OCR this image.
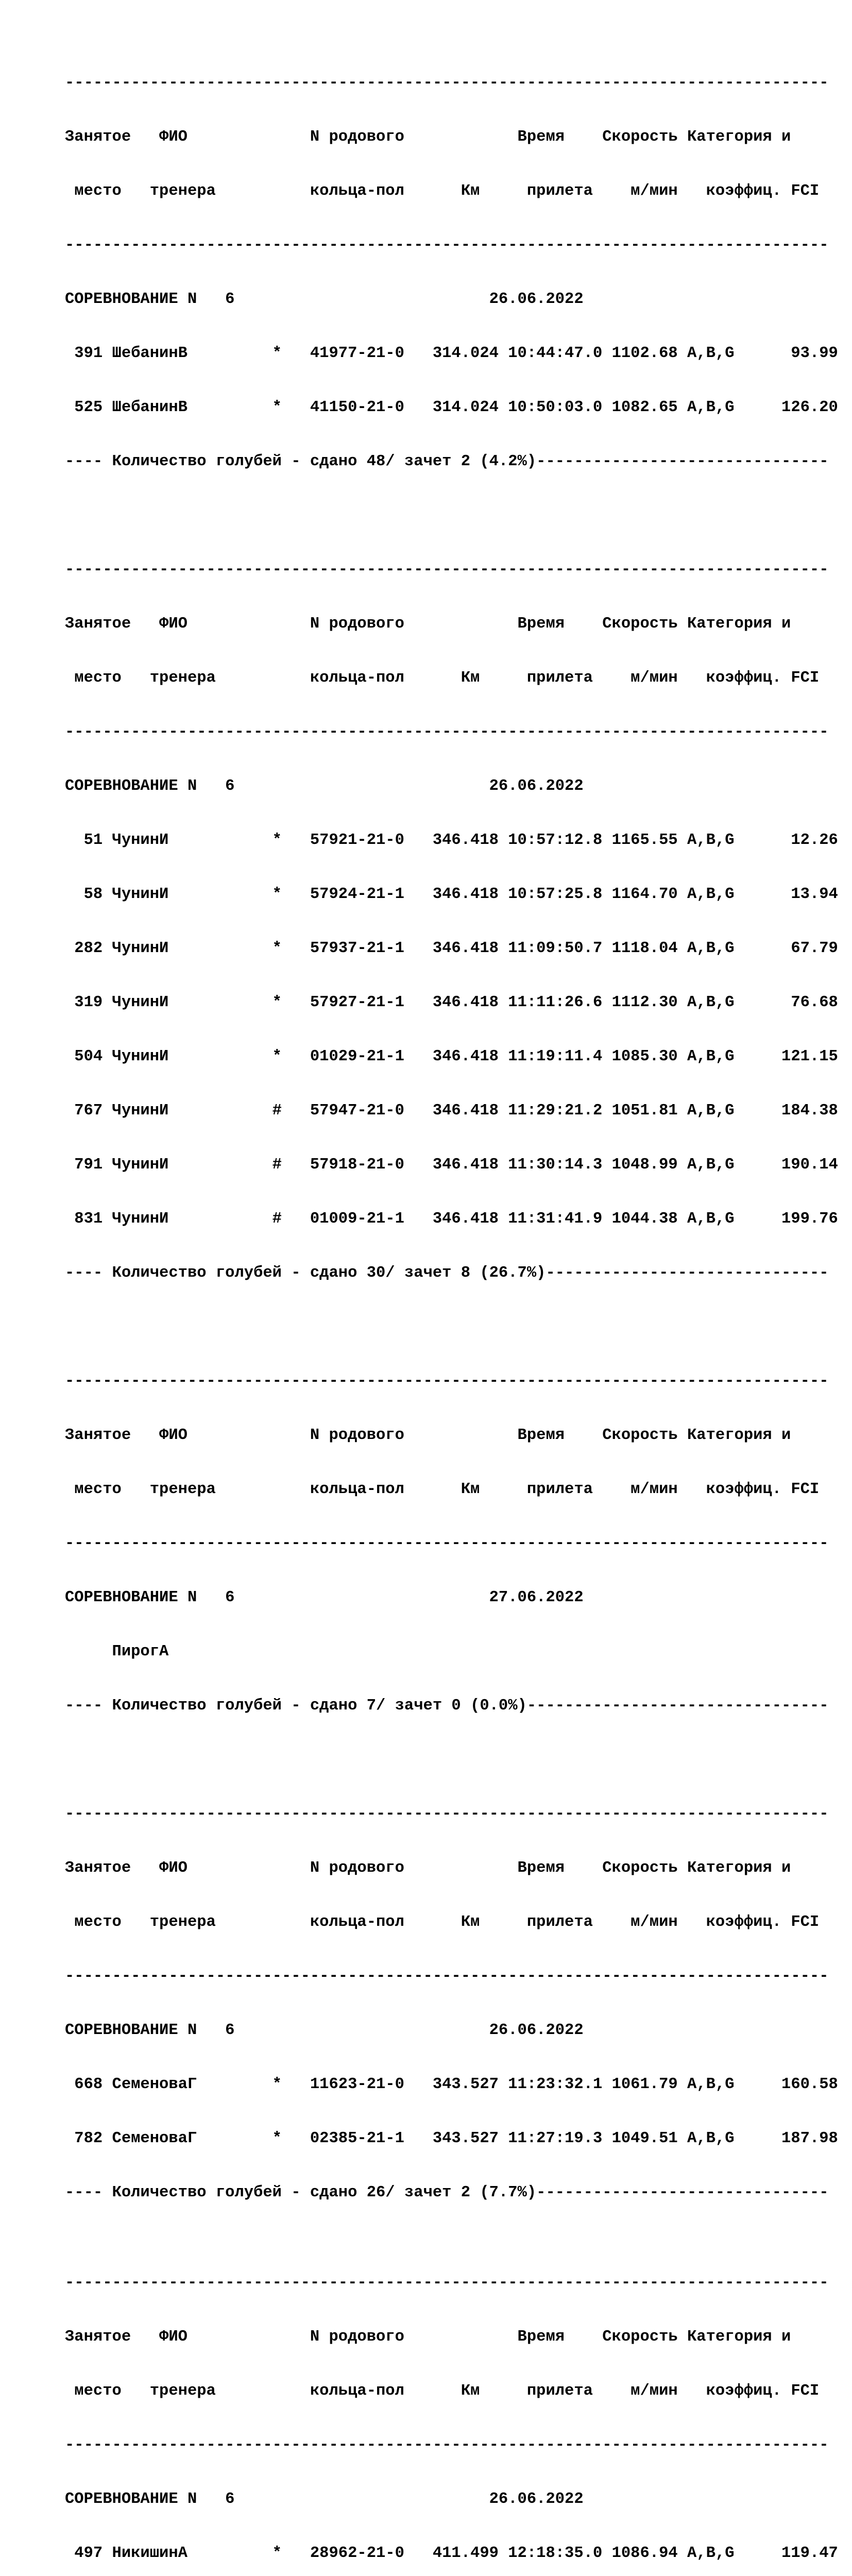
---------------------------------------------------------------------------------

Занятое   ФИО             N родового            Время    Скорость Категория и

место   тренера          кольца-пол      Км     прилета    м/мин   коэффиц. FCI

---------------------------------------------------------------------------------

СОРЕВНОВАНИЕ N   6                           26.06.2022

391 ШебанинВ         *   41977-21-0   314.024 10:44:47.0 1102.68 A,B,G      93.99

525 ШебанинВ         *   41150-21-0   314.024 10:50:03.0 1082.65 A,B,G     126.20

---- Количество голубей - сдано 48/ зачет 2 (4.2%)-------------------------------

---------------------------------------------------------------------------------

Занятое   ФИО             N родового            Время    Скорость Категория и

место   тренера          кольца-пол      Км     прилета    м/мин   коэффиц. FCI

---------------------------------------------------------------------------------

СОРЕВНОВАНИЕ N   6                           26.06.2022

51 ЧунинИ           *   57921-21-0   346.418 10:57:12.8 1165.55 A,B,G      12.26

58 ЧунинИ           *   57924-21-1   346.418 10:57:25.8 1164.70 A,B,G      13.94

282 ЧунинИ           *   57937-21-1   346.418 11:09:50.7 1118.04 A,B,G      67.79

319 ЧунинИ           *   57927-21-1   346.418 11:11:26.6 1112.30 A,B,G      76.68

504 ЧунинИ           *   01029-21-1   346.418 11:19:11.4 1085.30 A,B,G     121.15

767 ЧунинИ           #   57947-21-0   346.418 11:29:21.2 1051.81 A,B,G     184.38

791 ЧунинИ           #   57918-21-0   346.418 11:30:14.3 1048.99 A,B,G     190.14

831 ЧунинИ           #   01009-21-1   346.418 11:31:41.9 1044.38 A,B,G     199.76

---- Количество голубей - сдано 30/ зачет 8 (26.7%)------------------------------

---------------------------------------------------------------------------------

Занятое   ФИО             N родового            Время    Скорость Категория и

место   тренера          кольца-пол      Км     прилета    м/мин   коэффиц. FCI

---------------------------------------------------------------------------------

СОРЕВНОВАНИЕ N   6                           27.06.2022

ПирогА

---- Количество голубей - сдано 7/ зачет 0 (0.0%)--------------------------------

---------------------------------------------------------------------------------

Занятое   ФИО             N родового            Время    Скорость Категория и

место   тренера          кольца-пол      Км     прилета    м/мин   коэффиц. FCI

---------------------------------------------------------------------------------

СОРЕВНОВАНИЕ N   6                           26.06.2022

668 СеменоваГ        *   11623-21-0   343.527 11:23:32.1 1061.79 A,B,G     160.58

782 СеменоваГ        *   02385-21-1   343.527 11:27:19.3 1049.51 A,B,G     187.98

---- Количество голубей - сдано 26/ зачет 2 (7.7%)-------------------------------

---------------------------------------------------------------------------------

Занятое   ФИО             N родового            Время    Скорость Категория и

место   тренера          кольца-пол      Км     прилета    м/мин   коэффиц. FCI

---------------------------------------------------------------------------------

СОРЕВНОВАНИЕ N   6                           26.06.2022

497 НикишинА         *   28962-21-0   411.499 12:18:35.0 1086.94 A,B,G     119.47
